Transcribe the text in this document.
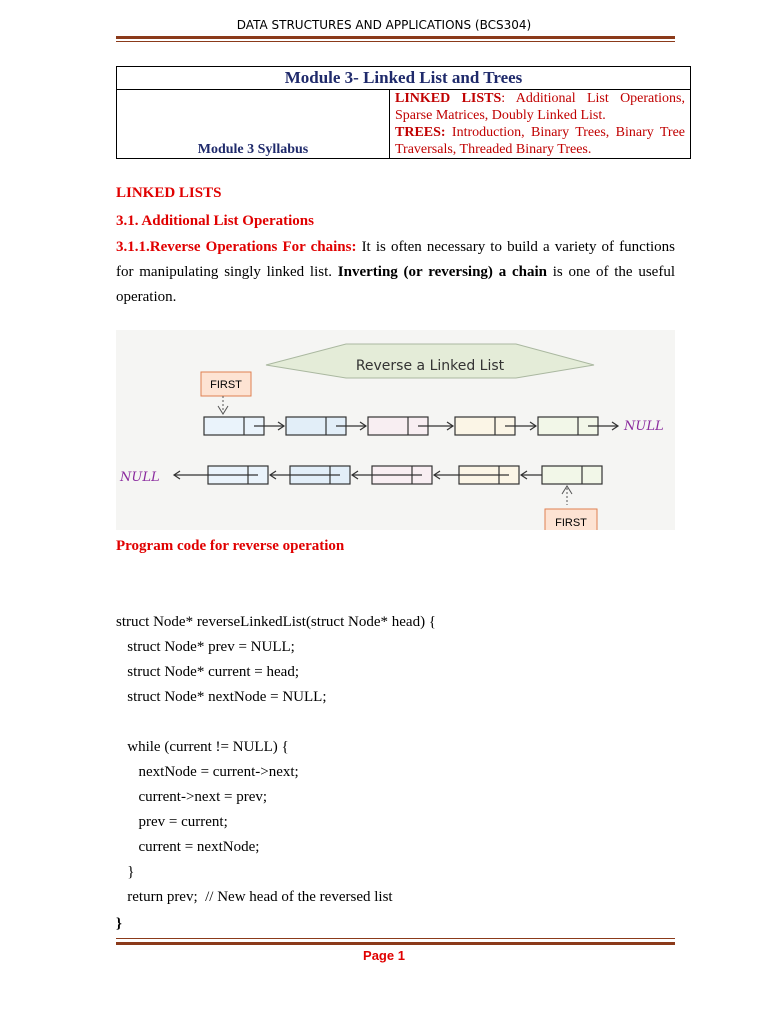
DATA STRUCTURES AND APPLICATIONS (BCS304)
Module 3- Linked List and Trees
Module 3 Syllabus	LINKED LISTS: Additional List Operations, Sparse Matrices, Doubly Linked List.
TREES: Introduction, Binary Trees, Binary Tree Traversals, Threaded Binary Trees.
LINKED LISTS
3.1. Additional List Operations
3.1.1.Reverse Operations For chains: It is often necessary to build a variety of functions for manipulating singly linked list. Inverting (or reversing) a chain is one of the useful operation.
Reverse a Linked List
FIRST
NULL
NULL
FIRST
Program code for reverse operation

struct Node* reverseLinkedList(struct Node* head) {
struct Node* prev = NULL;
struct Node* current = head;
struct Node* nextNode = NULL;

while (current != NULL) {
nextNode = current->next;
current->next = prev;
prev = current;
current = nextNode;
}
return prev;  // New head of the reversed list

}
Page 1
